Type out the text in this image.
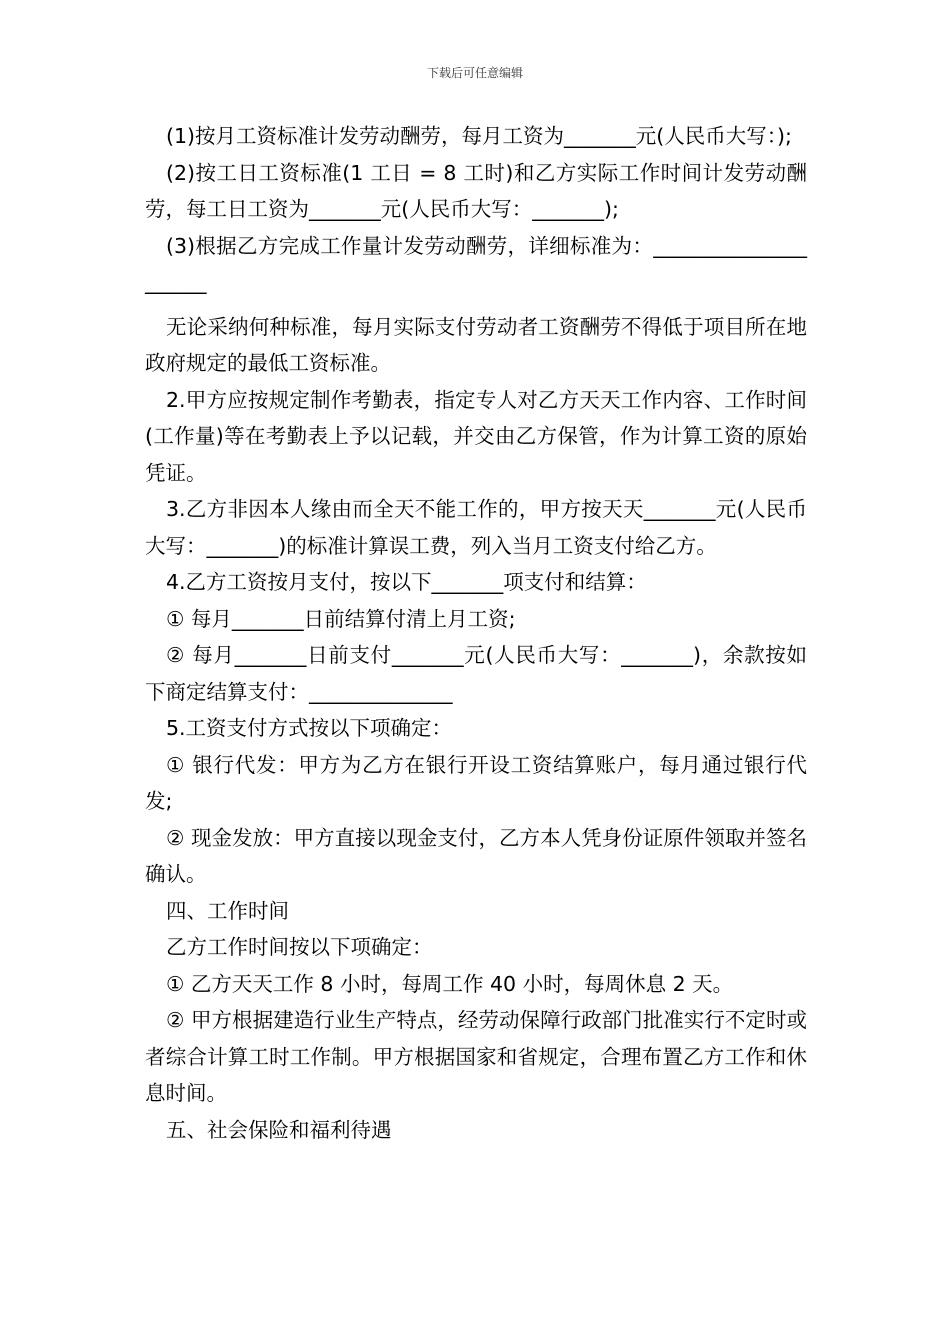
下载后可任意编辑

(1)按月工资标准计发劳动酬劳，每月工资为_______元(人民币大写：);

(2)按工日工资标准(1 工日 = 8 工时)和乙方实际工作时间计发劳动酬劳，每工日工资为_______元(人民币大写：_______);

(3)根据乙方完成工作量计发劳动酬劳，详细标准为：_____________________

无论采纳何种标准，每月实际支付劳动者工资酬劳不得低于项目所在地政府规定的最低工资标准。

2.甲方应按规定制作考勤表，指定专人对乙方天天工作内容、工作时间(工作量)等在考勤表上予以记载，并交由乙方保管，作为计算工资的原始凭证。

3.乙方非因本人缘由而全天不能工作的，甲方按天天_______元(人民币大写：_______)的标准计算误工费，列入当月工资支付给乙方。

4.乙方工资按月支付，按以下_______项支付和结算：

① 每月_______日前结算付清上月工资;

② 每月_______日前支付_______元(人民币大写：_______)，余款按如下商定结算支付：______________

5.工资支付方式按以下项确定：

① 银行代发：甲方为乙方在银行开设工资结算账户，每月通过银行代发;

② 现金发放：甲方直接以现金支付，乙方本人凭身份证原件领取并签名确认。

四、工作时间

乙方工作时间按以下项确定：

① 乙方天天工作 8 小时，每周工作 40 小时，每周休息 2 天。

② 甲方根据建造行业生产特点，经劳动保障行政部门批准实行不定时或者综合计算工时工作制。甲方根据国家和省规定，合理布置乙方工作和休息时间。

五、社会保险和福利待遇
